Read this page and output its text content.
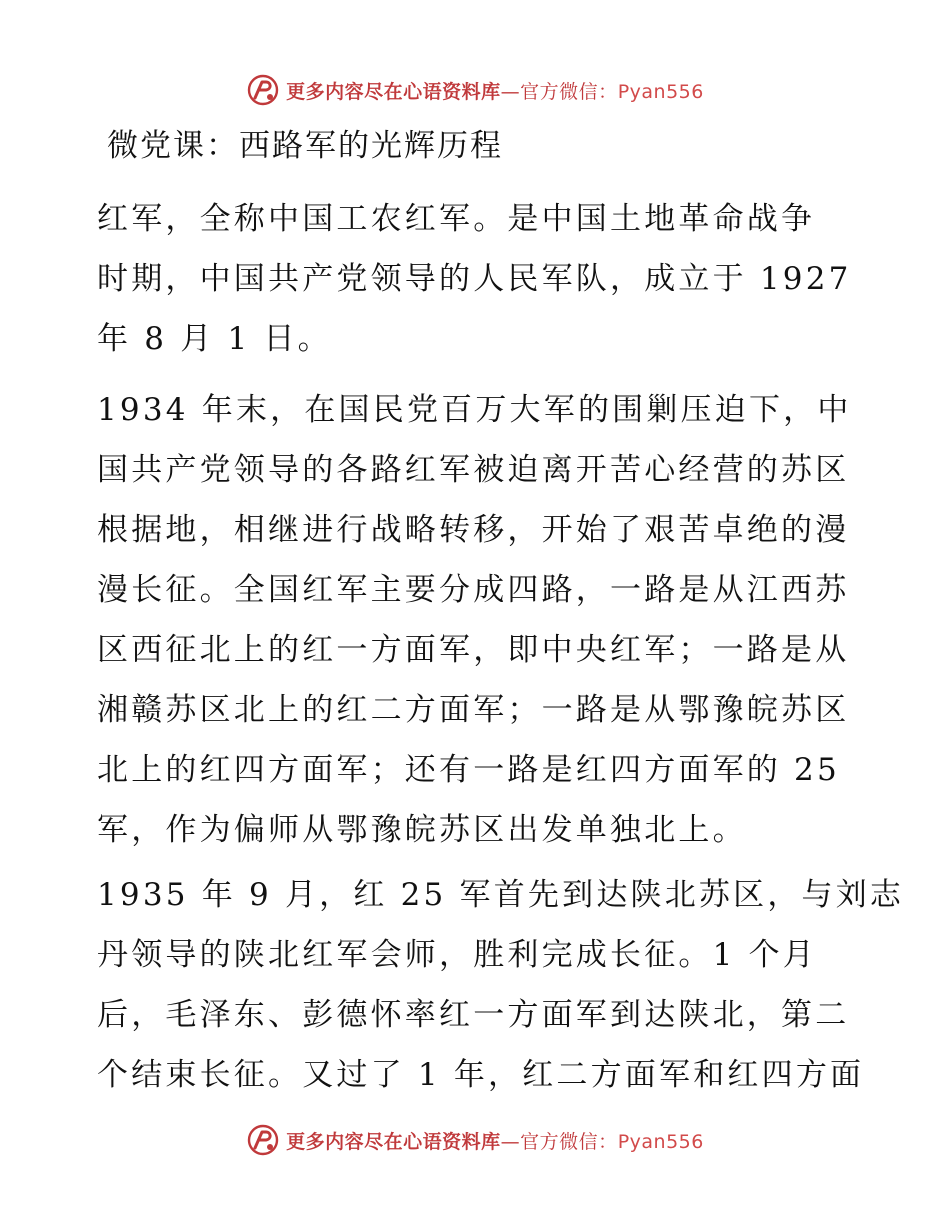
更多内容尽在心语资料库—官方微信：Pyan556
微党课：西路军的光辉历程
红军，全称中国工农红军。是中国土地革命战争
时期，中国共产党领导的人民军队，成立于 1927
年 8 月 1 日。
1934 年末，在国民党百万大军的围剿压迫下，中
国共产党领导的各路红军被迫离开苦心经营的苏区
根据地，相继进行战略转移，开始了艰苦卓绝的漫
漫长征。全国红军主要分成四路，一路是从江西苏
区西征北上的红一方面军，即中央红军；一路是从
湘赣苏区北上的红二方面军；一路是从鄂豫皖苏区
北上的红四方面军；还有一路是红四方面军的 25
军，作为偏师从鄂豫皖苏区出发单独北上。
1935 年 9 月，红 25 军首先到达陕北苏区，与刘志
丹领导的陕北红军会师，胜利完成长征。1 个月
后，毛泽东、彭德怀率红一方面军到达陕北，第二
个结束长征。又过了 1 年，红二方面军和红四方面
更多内容尽在心语资料库—官方微信：Pyan556
